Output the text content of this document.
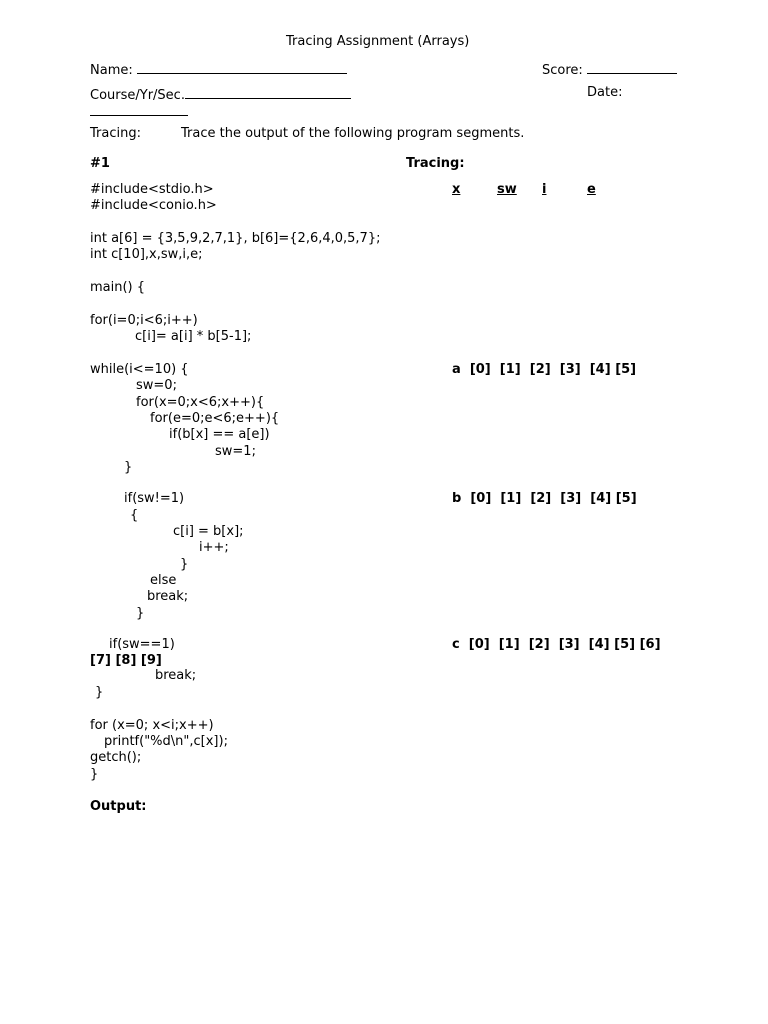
Tracing Assignment (Arrays)
Name:	Score:
Course/Yr/Sec.	Date:
Tracing:	Trace the output of the following program segments.
#1	Tracing:
x	sw i	e
#include<stdio.h>
#include<conio.h>
int a[6] = {3,5,9,2,7,1}, b[6]={2,6,4,0,5,7};
int c[10],x,sw,i,e;
main() {
for(i=0;i<6;i++)
c[i]= a[i] * b[5-1];
while(i<=10) {
sw=0;
for(x=0;x<6;x++){
for(e=0;e<6;e++){
if(b[x] == a[e])
sw=1;
}
if(sw!=1)
{
c[i] = b[x];
i++;
}
else
break;
}
if(sw==1)
break;
}
for (x=0; x<i;x++)
printf("%d\n",c[x]);
getch();
}
a  [0]  [1]  [2]  [3]  [4] [5]
b  [0]  [1]  [2]  [3]  [4] [5]
c  [0]  [1]  [2]  [3]  [4] [5] [6]
[7] [8] [9]
Output:
